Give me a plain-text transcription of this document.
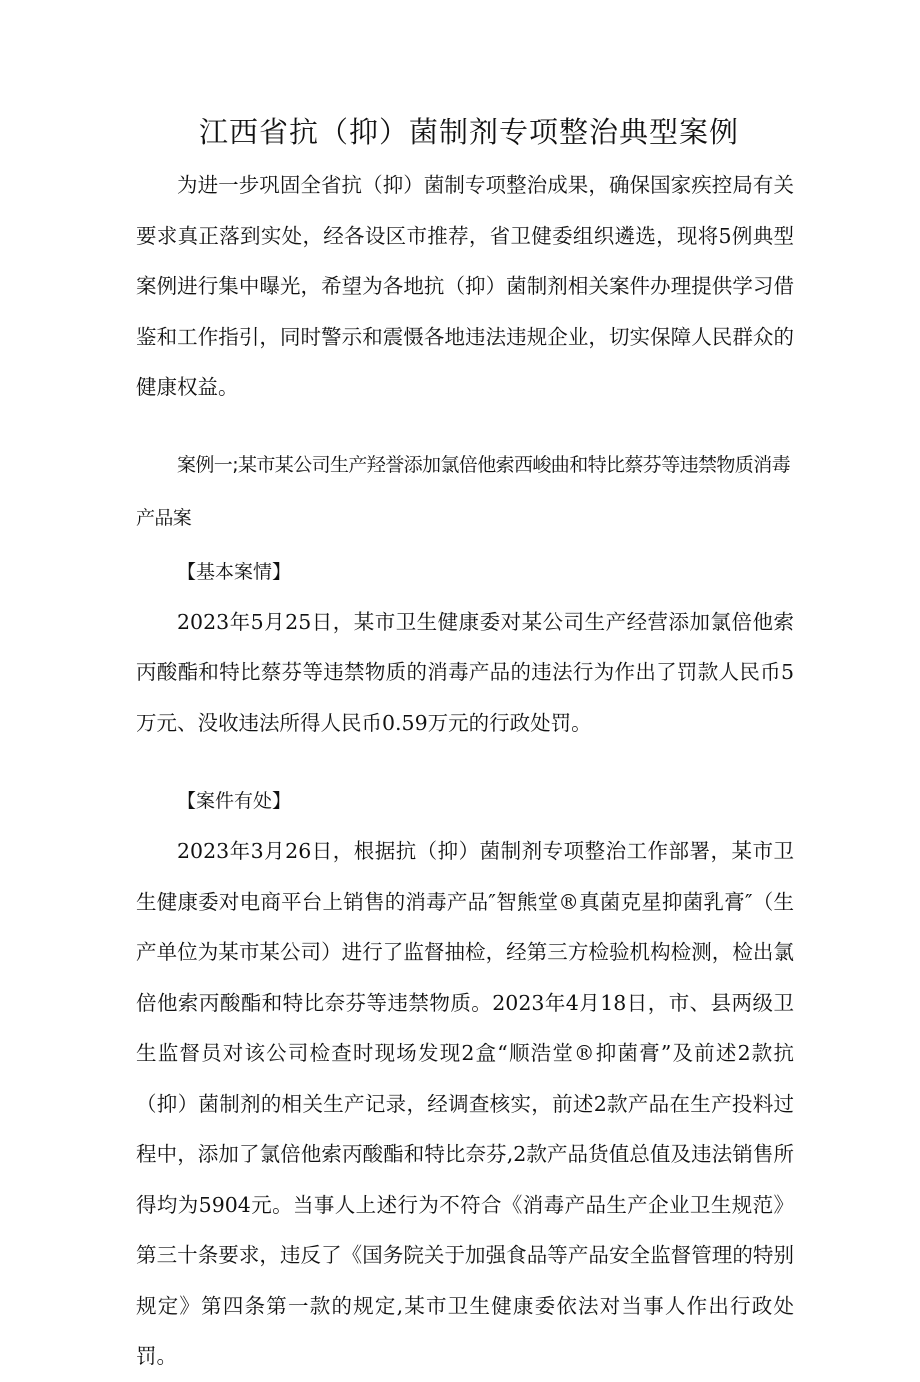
江西省抗（抑）菌制剂专项整治典型案例

为进一步巩固全省抗（抑）菌制专项整治成果，确保国家疾控局有关要求真正落到实处，经各设区市推荐，省卫健委组织遴选，现将5例典型案例进行集中曝光，希望为各地抗（抑）菌制剂相关案件办理提供学习借鉴和工作指引，同时警示和震慑各地违法违规企业，切实保障人民群众的健康权益。

案例一;某市某公司生产羟誉添加氯倍他索西峻曲和特比蔡芬等违禁物质消毒产品案

【基本案情】

2023年5月25日，某市卫生健康委对某公司生产经营添加氯倍他索丙酸酯和特比蔡芬等违禁物质的消毒产品的违法行为作出了罚款人民币5万元、没收违法所得人民币0.59万元的行政处罚。

【案件有处】

2023年3月26日，根据抗（抑）菌制剂专项整治工作部署，某市卫生健康委对电商平台上销售的消毒产品″智熊堂®真菌克星抑菌乳膏″（生产单位为某市某公司）进行了监督抽检，经第三方检验机构检测，检出氯倍他索丙酸酯和特比奈芬等违禁物质。2023年4月18日，市、县两级卫生监督员对该公司检查时现场发现2盒“顺浩堂®抑菌膏”及前述2款抗（抑）菌制剂的相关生产记录，经调查核实，前述2款产品在生产投料过程中，添加了氯倍他索丙酸酯和特比奈芬,2款产品货值总值及违法销售所得均为5904元。当事人上述行为不符合《消毒产品生产企业卫生规范》第三十条要求，违反了《国务院关于加强食品等产品安全监督管理的特别规定》第四条第一款的规定,某市卫生健康委依法对当事人作出行政处罚。
